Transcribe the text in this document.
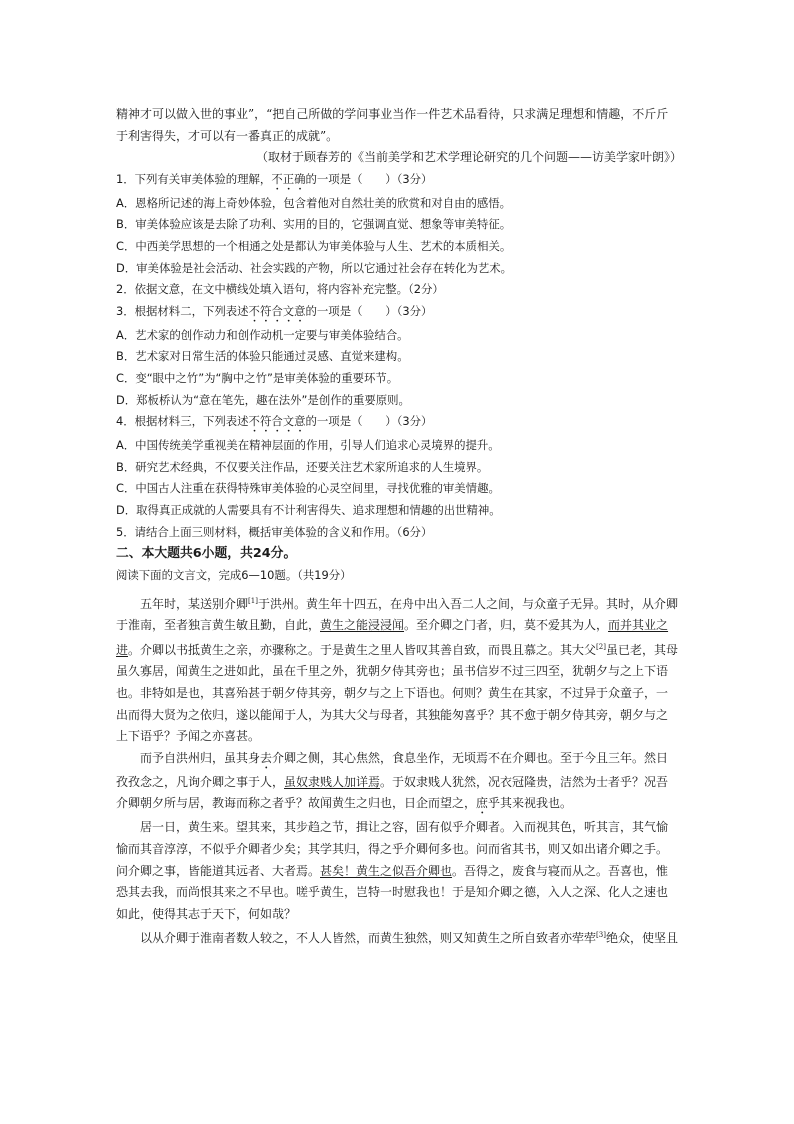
精神才可以做入世的事业”，“把自己所做的学问事业当作一件艺术品看待，只求满足理想和情趣，不斤斤

于利害得失，才可以有一番真正的成就”。

（取材于顾春芳的《当前美学和艺术学理论研究的几个问题——访美学家叶朗》）

1．下列有关审美体验的理解，不正确的一项是（　　）（3分）

A．恩格所记述的海上奇妙体验，包含着他对自然壮美的欣赏和对自由的感悟。

B．审美体验应该是去除了功利、实用的目的，它强调直觉、想象等审美特征。

C．中西美学思想的一个相通之处是都认为审美体验与人生、艺术的本质相关。

D．审美体验是社会活动、社会实践的产物，所以它通过社会存在转化为艺术。

2．依据文意，在文中横线处填入语句，将内容补充完整。（2分）

3．根据材料二，下列表述不符合文意的一项是（　　）（3分）

A．艺术家的创作动力和创作动机一定要与审美体验结合。

B．艺术家对日常生活的体验只能通过灵感、直觉来建构。

C．变“眼中之竹”为“胸中之竹”是审美体验的重要环节。

D．郑板桥认为“意在笔先，趣在法外”是创作的重要原则。

4．根据材料三，下列表述不符合文意的一项是（　　）（3分）

A．中国传统美学重视美在精神层面的作用，引导人们追求心灵境界的提升。

B．研究艺术经典，不仅要关注作品，还要关注艺术家所追求的人生境界。

C．中国古人注重在获得特殊审美体验的心灵空间里，寻找优雅的审美情趣。

D．取得真正成就的人需要具有不计利害得失、追求理想和情趣的出世精神。

5．请结合上面三则材料，概括审美体验的含义和作用。（6分）

二、本大题共6小题，共24分。

阅读下面的文言文，完成6—10题。（共19分）

五年时，某送别介卿[1]于洪州。黄生年十四五，在舟中出入吾二人之间，与众童子无异。其时，从介卿

于淮南，至者独言黄生敏且勤，自此，黄生之能浸浸闻。至介卿之门者，归，莫不爱其为人，而并其业之

进。介卿以书抵黄生之亲，亦骤称之。于是黄生之里人皆叹其善自致，而畏且慕之。其大父[2]虽已老，其母

虽久寡居，闻黄生之进如此，虽在千里之外，犹朝夕侍其旁也；虽书信岁不过三四至，犹朝夕与之上下语

也。非特如是也，其喜殆甚于朝夕侍其旁，朝夕与之上下语也。何则？黄生在其家，不过异于众童子，一

出而得大贤为之依归，遂以能闻于人，为其大父与母者，其独能匆喜乎？其不愈于朝夕侍其旁，朝夕与之

上下语乎？予闻之亦喜甚。

而予自洪州归，虽其身去介卿之侧，其心焦然，食息坐作，无顷焉不在介卿也。至于今且三年。然日

孜孜念之，凡询介卿之事于人，虽奴隶贱人加详焉。于奴隶贱人犹然，况衣冠隆贵，洁然为士者乎？况吾

介卿朝夕所与居，教诲而称之者乎？故闻黄生之归也，日企而望之，庶乎其来视我也。

居一日，黄生来。望其来，其步趋之节，揖让之容，固有似乎介卿者。入而视其色，听其言，其气愉

愉而其音淳淳，不似乎介卿者少矣；其学其归，得之乎介卿何多也。问而省其书，则又如出诸介卿之手。

问介卿之事，皆能道其远者、大者焉。甚矣！黄生之似吾介卿也。吾得之，废食与寝而从之。吾喜也，惟

恐其去我，而尚恨其来之不早也。嗟乎黄生，岂特一时慰我也！于是知介卿之德，入人之深、化人之速也

如此，使得其志于天下，何如哉？

以从介卿于淮南者数人较之，不人人皆然，而黄生独然，则又知黄生之所自致者亦荦荦[3]绝众，使坚且
